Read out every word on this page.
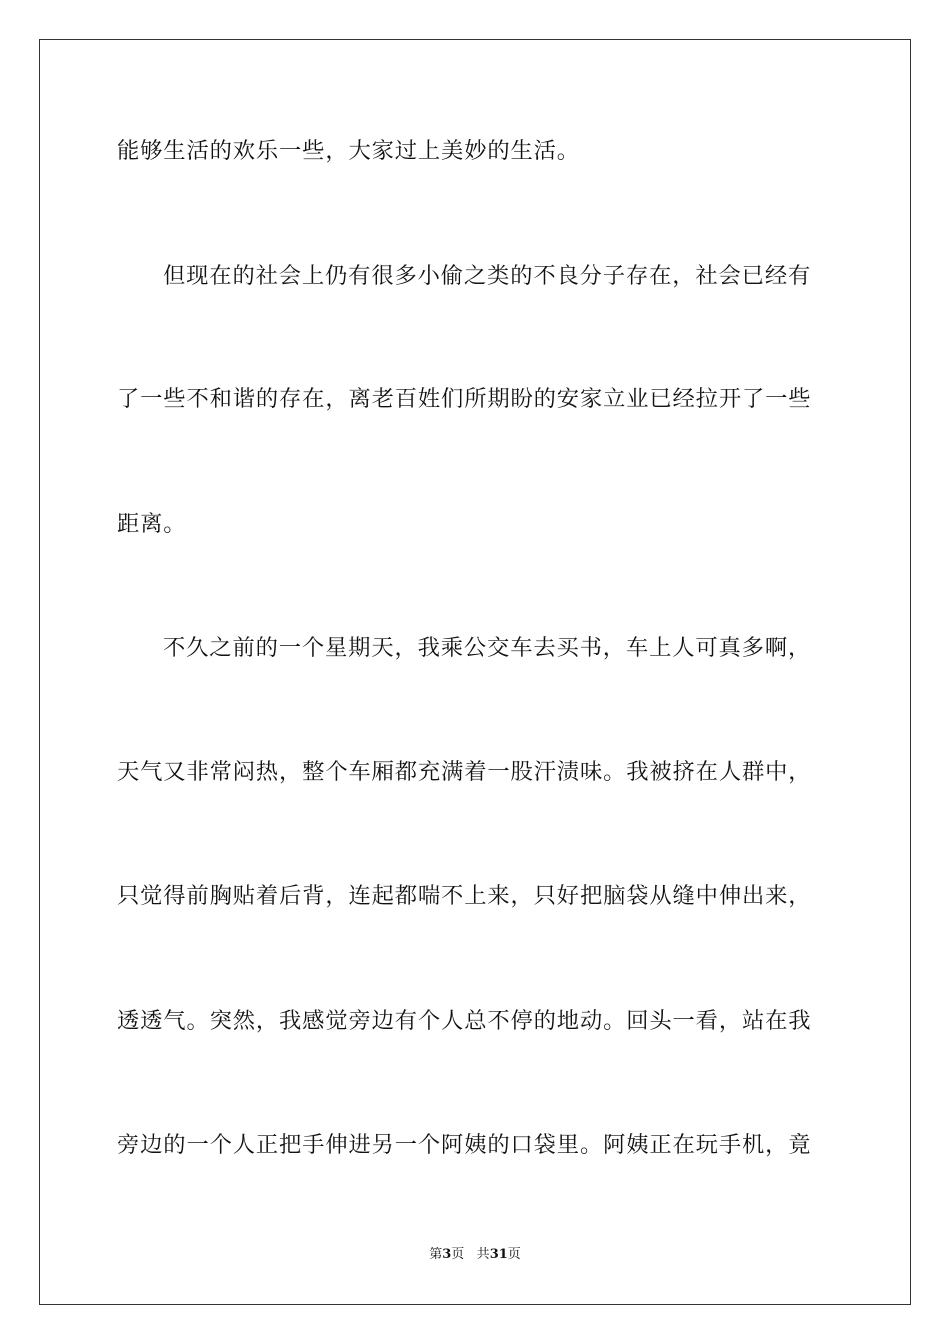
能够生活的欢乐一些，大家过上美妙的生活。
但现在的社会上仍有很多小偷之类的不良分子存在，社会已经有
了一些不和谐的存在，离老百姓们所期盼的安家立业已经拉开了一些
距离。
不久之前的一个星期天，我乘公交车去买书，车上人可真多啊，
天气又非常闷热，整个车厢都充满着一股汗渍味。我被挤在人群中，
只觉得前胸贴着后背，连起都喘不上来，只好把脑袋从缝中伸出来，
透透气。突然，我感觉旁边有个人总不停的地动。回头一看，站在我
旁边的一个人正把手伸进另一个阿姨的口袋里。阿姨正在玩手机，竟
第3页 共31页
